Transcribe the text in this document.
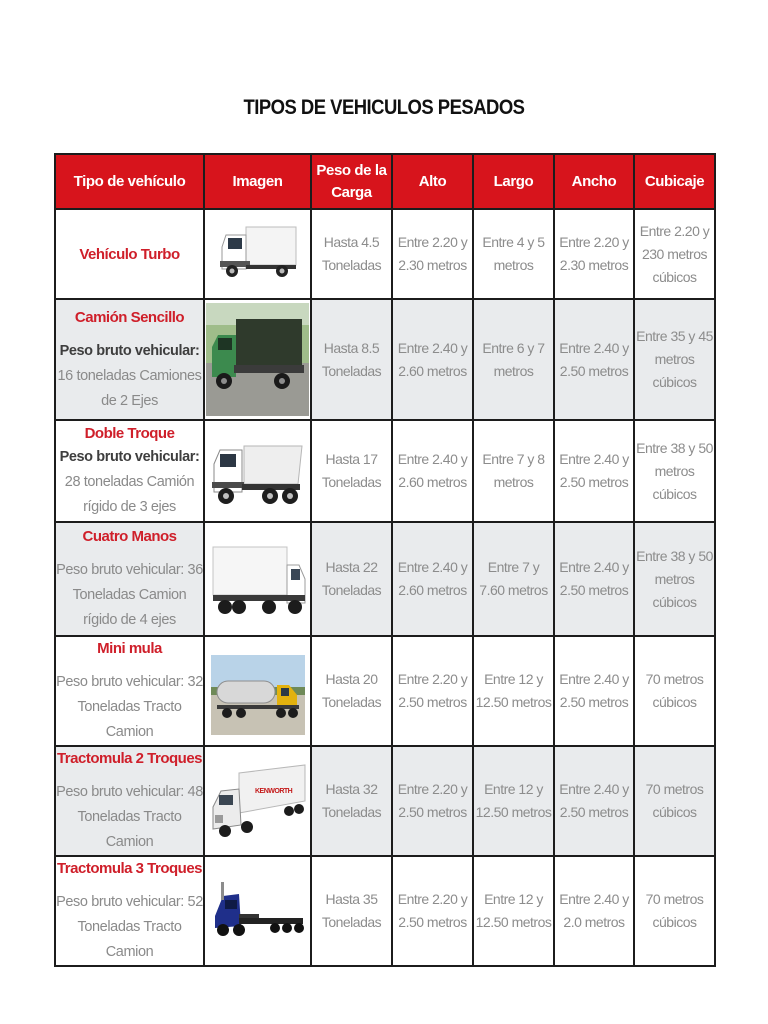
TIPOS DE VEHICULOS PESADOS
Tipo de vehículo	Imagen	Peso de la Carga	Alto	Largo	Ancho	Cubicaje

Vehículo Turbo		Hasta 4.5 Toneladas	Entre 2.20 y 2.30 metros	Entre 4 y 5 metros	Entre 2.20 y 2.30 metros	Entre 2.20 y 230 metros cúbicos

Camión Sencillo
Peso bruto vehicular: 16 toneladas Camiones de 2 Ejes		Hasta 8.5 Toneladas	Entre 2.40 y 2.60 metros	Entre 6 y 7 metros	Entre 2.40 y 2.50 metros	Entre 35 y 45 metros cúbicos

Doble Troque
Peso bruto vehicular: 28 toneladas Camión rígido de 3 ejes		Hasta 17 Toneladas	Entre 2.40 y 2.60 metros	Entre 7 y 8 metros	Entre 2.40 y 2.50 metros	Entre 38 y 50 metros cúbicos

Cuatro Manos
Peso bruto vehicular: 36 Toneladas Camion rígido de 4 ejes		Hasta 22 Toneladas	Entre 2.40 y 2.60 metros	Entre 7 y 7.60 metros	Entre 2.40 y 2.50 metros	Entre 38 y 50 metros cúbicos

Mini mula
Peso bruto vehicular: 32 Toneladas Tracto Camion		Hasta 20 Toneladas	Entre 2.20 y 2.50 metros	Entre 12 y 12.50 metros	Entre 2.40 y 2.50 metros	70 metros cúbicos

Tractomula 2 Troques
Peso bruto vehicular: 48 Toneladas Tracto Camion	KENWORTH	Hasta 32 Toneladas	Entre 2.20 y 2.50 metros	Entre 12 y 12.50 metros	Entre 2.40 y 2.50 metros	70 metros cúbicos

Tractomula 3 Troques
Peso bruto vehicular: 52 Toneladas Tracto Camion		Hasta 35 Toneladas	Entre 2.20 y 2.50 metros	Entre 12 y 12.50 metros	Entre 2.40 y 2.0 metros	70 metros cúbicos
